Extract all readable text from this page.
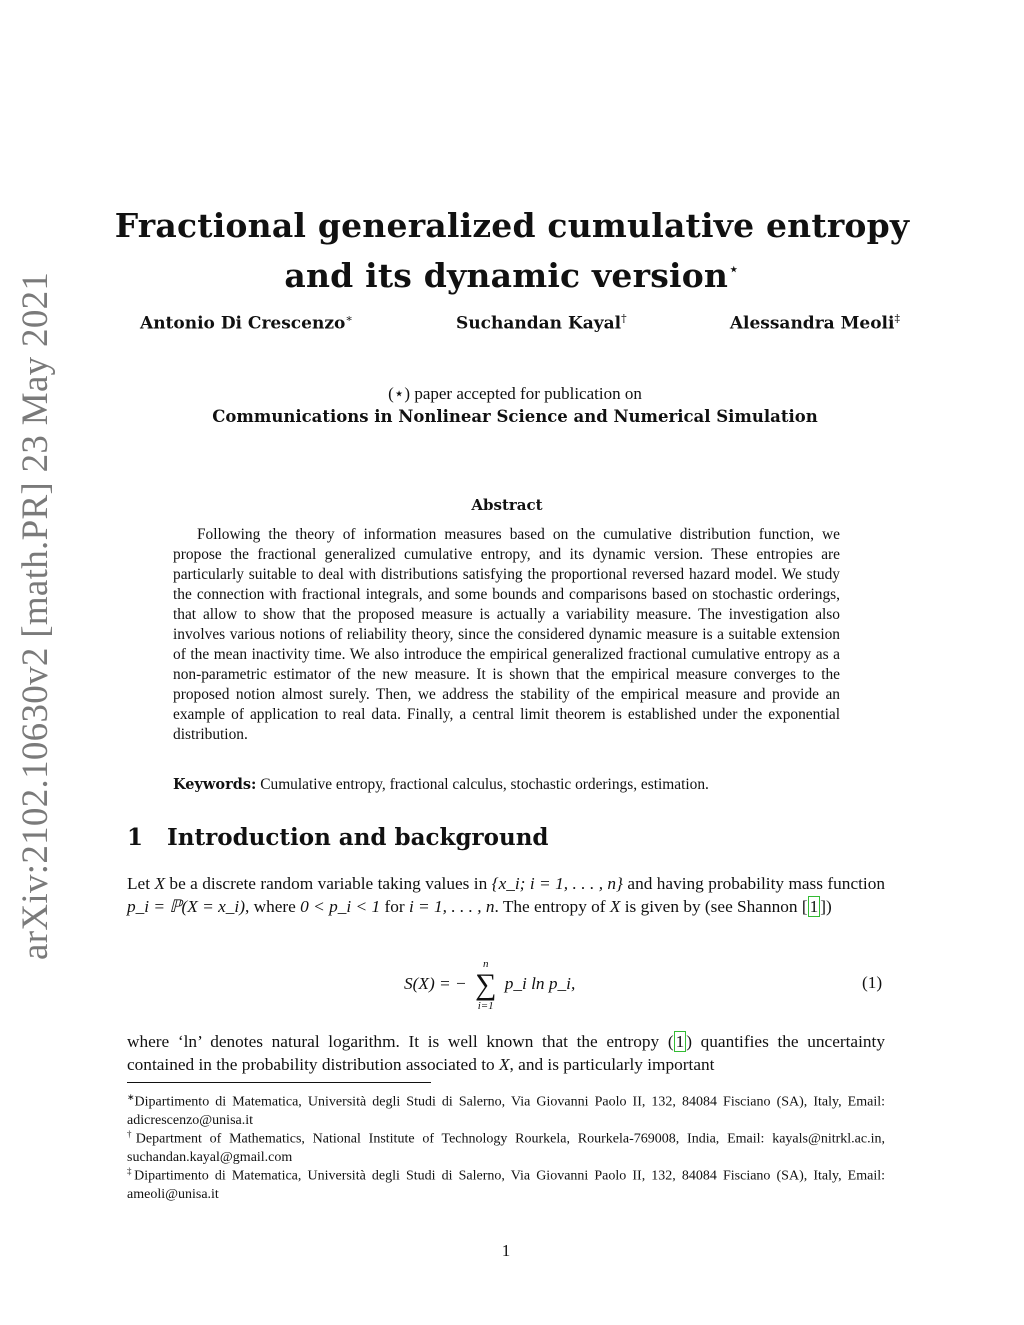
arXiv:2102.10630v2 [math.PR] 23 May 2021
Fractional generalized cumulative entropy
and its dynamic version⋆
Antonio Di Crescenzo∗	Suchandan Kayal†	Alessandra Meoli‡
(⋆) paper accepted for publication on
Communications in Nonlinear Science and Numerical Simulation
Abstract
Following the theory of information measures based on the cumulative distribution function, we propose the fractional generalized cumulative entropy, and its dynamic version. These entropies are particularly suitable to deal with distributions satisfying the proportional reversed hazard model. We study the connection with fractional integrals, and some bounds and comparisons based on stochastic orderings, that allow to show that the proposed measure is actually a variability measure. The investigation also involves various notions of reliability theory, since the considered dynamic measure is a suitable extension of the mean inactivity time. We also introduce the empirical generalized fractional cumulative entropy as a non-parametric estimator of the new measure. It is shown that the empirical measure converges to the proposed notion almost surely. Then, we address the stability of the empirical measure and provide an example of application to real data. Finally, a central limit theorem is established under the exponential distribution.
Keywords: Cumulative entropy, fractional calculus, stochastic orderings, estimation.
1 Introduction and background
Let X be a discrete random variable taking values in {x_i; i = 1, . . . , n} and having probability mass function p_i = ℙ(X = x_i), where 0 < p_i < 1 for i = 1, . . . , n. The entropy of X is given by (see Shannon [ 1 ])
S(X) = −
n
∑
i=1
p_i ln p_i,	(1)
where ‘ln’ denotes natural logarithm. It is well known that the entropy ( 1 ) quantifies the uncertainty contained in the probability distribution associated to X, and is particularly important
∗Dipartimento di Matematica, Università degli Studi di Salerno, Via Giovanni Paolo II, 132, 84084 Fisciano (SA), Italy, Email: adicrescenzo@unisa.it
†Department of Mathematics, National Institute of Technology Rourkela, Rourkela-769008, India, Email: kayals@nitrkl.ac.in, suchandan.kayal@gmail.com
‡Dipartimento di Matematica, Università degli Studi di Salerno, Via Giovanni Paolo II, 132, 84084 Fisciano (SA), Italy, Email: ameoli@unisa.it
1
